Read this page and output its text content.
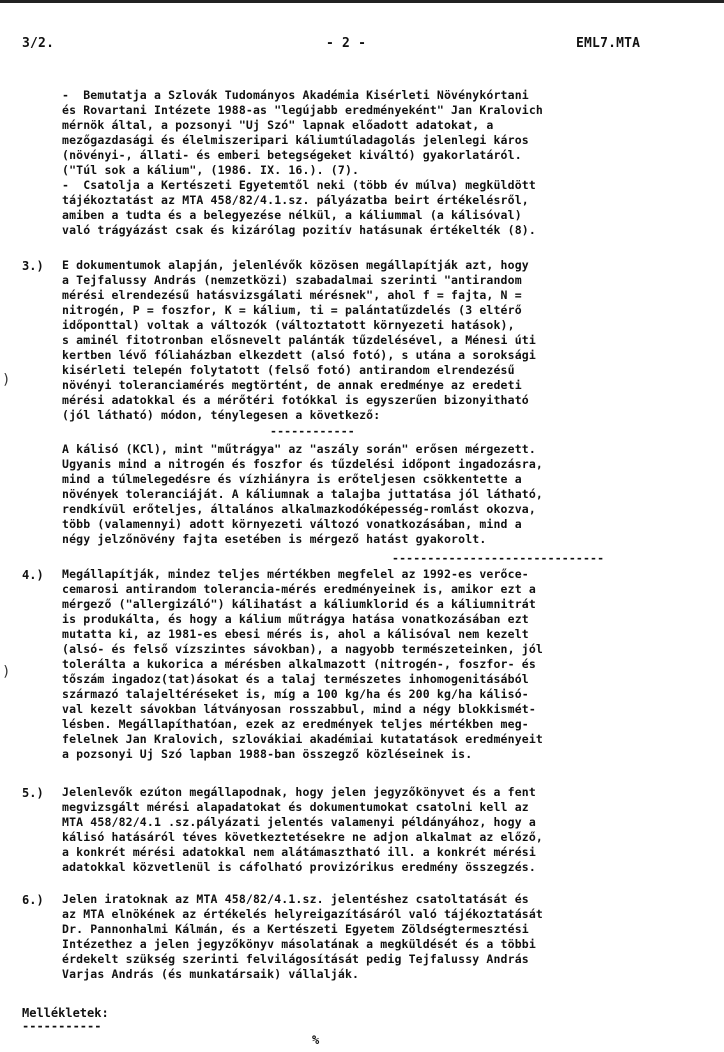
3/2.	- 2 -	EML7.MTA
)
)
-  Bemutatja a Szlovák Tudományos Akadémia Kisérleti Növénykórtani
és Rovartani Intézete 1988-as "legújabb eredményeként" Jan Kralovich
mérnök által, a pozsonyi "Uj Szó" lapnak előadott adatokat, a
mezőgazdasági és élelmiszeripari káliumtúladagolás jelenlegi káros
(növényi-, állati- és emberi betegségeket kiváltó) gyakorlatáról.
("Túl sok a kálium", (1986. IX. 16.). (7).
-  Csatolja a Kertészeti Egyetemtől neki (több év múlva) megküldött
tájékoztatást az MTA 458/82/4.1.sz. pályázatba beirt értékelésről,
amiben a tudta és a belegyezése nélkül, a káliummal (a kálisóval)
való trágyázást csak és kizárólag pozitív hatásunak értékelték (8).
3.) E dokumentumok alapján, jelenlévők közösen megállapítják azt, hogy
a Tejfalussy András (nemzetközi) szabadalmai szerinti "antirandom
mérési elrendezésű hatásvizsgálati mérésnek", ahol f = fajta, N =
nitrogén, P = foszfor, K = kálium, ti = palántatűzdelés (3 eltérő
időponttal) voltak a változók (változtatott környezeti hatások),
s aminél fitotronban elősnevelt palánták tűzdelésével, a Ménesi úti
kertben lévő fóliaházban elkezdett (alsó fotó), s utána a soroksági
kisérleti telepén folytatott (felső fotó) antirandom elrendezésű
növényi toleranciamérés megtörtént, de annak eredménye az eredeti
mérési adatokkal és a mérőtéri fotókkal is egyszerűen bizonyitható
(jól látható) módon, ténylegesen a következő:
------------
A kálisó (KCl), mint "műtrágya" az "aszály során" erősen mérgezett.
Ugyanis mind a nitrogén és foszfor és tűzdelési időpont ingadozásra,
mind a túlmelegedésre és vízhiányra is erőteljesen csökkentette a
növények toleranciáját. A káliumnak a talajba juttatása jól látható,
rendkívül erőteljes, általános alkalmazkodóképesség-romlást okozva,
több (valamennyi) adott környezeti változó vonatkozásában, mind a
négy jelzőnövény fajta esetében is mérgező hatást gyakorolt.
------------------------------
4.) Megállapítják, mindez teljes mértékben megfelel az 1992-es verőce-
cemarosi antirandom tolerancia-mérés eredményeinek is, amikor ezt a
mérgező ("allergizáló") kálihatást a káliumklorid és a káliumnitrát
is produkálta, és hogy a kálium műtrágya hatása vonatkozásában ezt
mutatta ki, az 1981-es ebesi mérés is, ahol a kálisóval nem kezelt
(alsó- és felső vízszintes sávokban), a nagyobb természeteinken, jól
tolerálta a kukorica a mérésben alkalmazott (nitrogén-, foszfor- és
tőszám ingadoz(tat)ásokat és a talaj természetes inhomogenitásából
származó talajeltéréseket is, míg a 100 kg/ha és 200 kg/ha kálisó-
val kezelt sávokban látványosan rosszabbul, mind a négy blokkismét-
lésben. Megállapíthatóan, ezek az eredmények teljes mértékben meg-
felelnek Jan Kralovich, szlovákiai akadémiai kutatatások eredményeit
a pozsonyi Uj Szó lapban 1988-ban összegző közléseinek is.
5.) Jelenlevők ezúton megállapodnak, hogy jelen jegyzőkönyvet és a fent
megvizsgált mérési alapadatokat és dokumentumokat csatolni kell az
MTA 458/82/4.1 .sz.pályázati jelentés valamenyi példányához, hogy a
kálisó hatásáról téves következtetésekre ne adjon alkalmat az előző,
a konkrét mérési adatokkal nem alátámasztható ill. a konkrét mérési
adatokkal közvetlenül is cáfolható provizórikus eredmény összegzés.
6.) Jelen iratoknak az MTA 458/82/4.1.sz. jelentéshez csatoltatását és
az MTA elnökének az értékelés helyreigazításáról való tájékoztatását
Dr. Pannonhalmi Kálmán, és a Kertészeti Egyetem Zöldségtermesztési
Intézethez a jelen jegyzőkönyv másolatának a megküldését és a többi
érdekelt szükség szerinti felvilágosítását pedig Tejfalussy András
Varjas András (és munkatársaik) vállalják.
Mellékletek:
-----------
%
